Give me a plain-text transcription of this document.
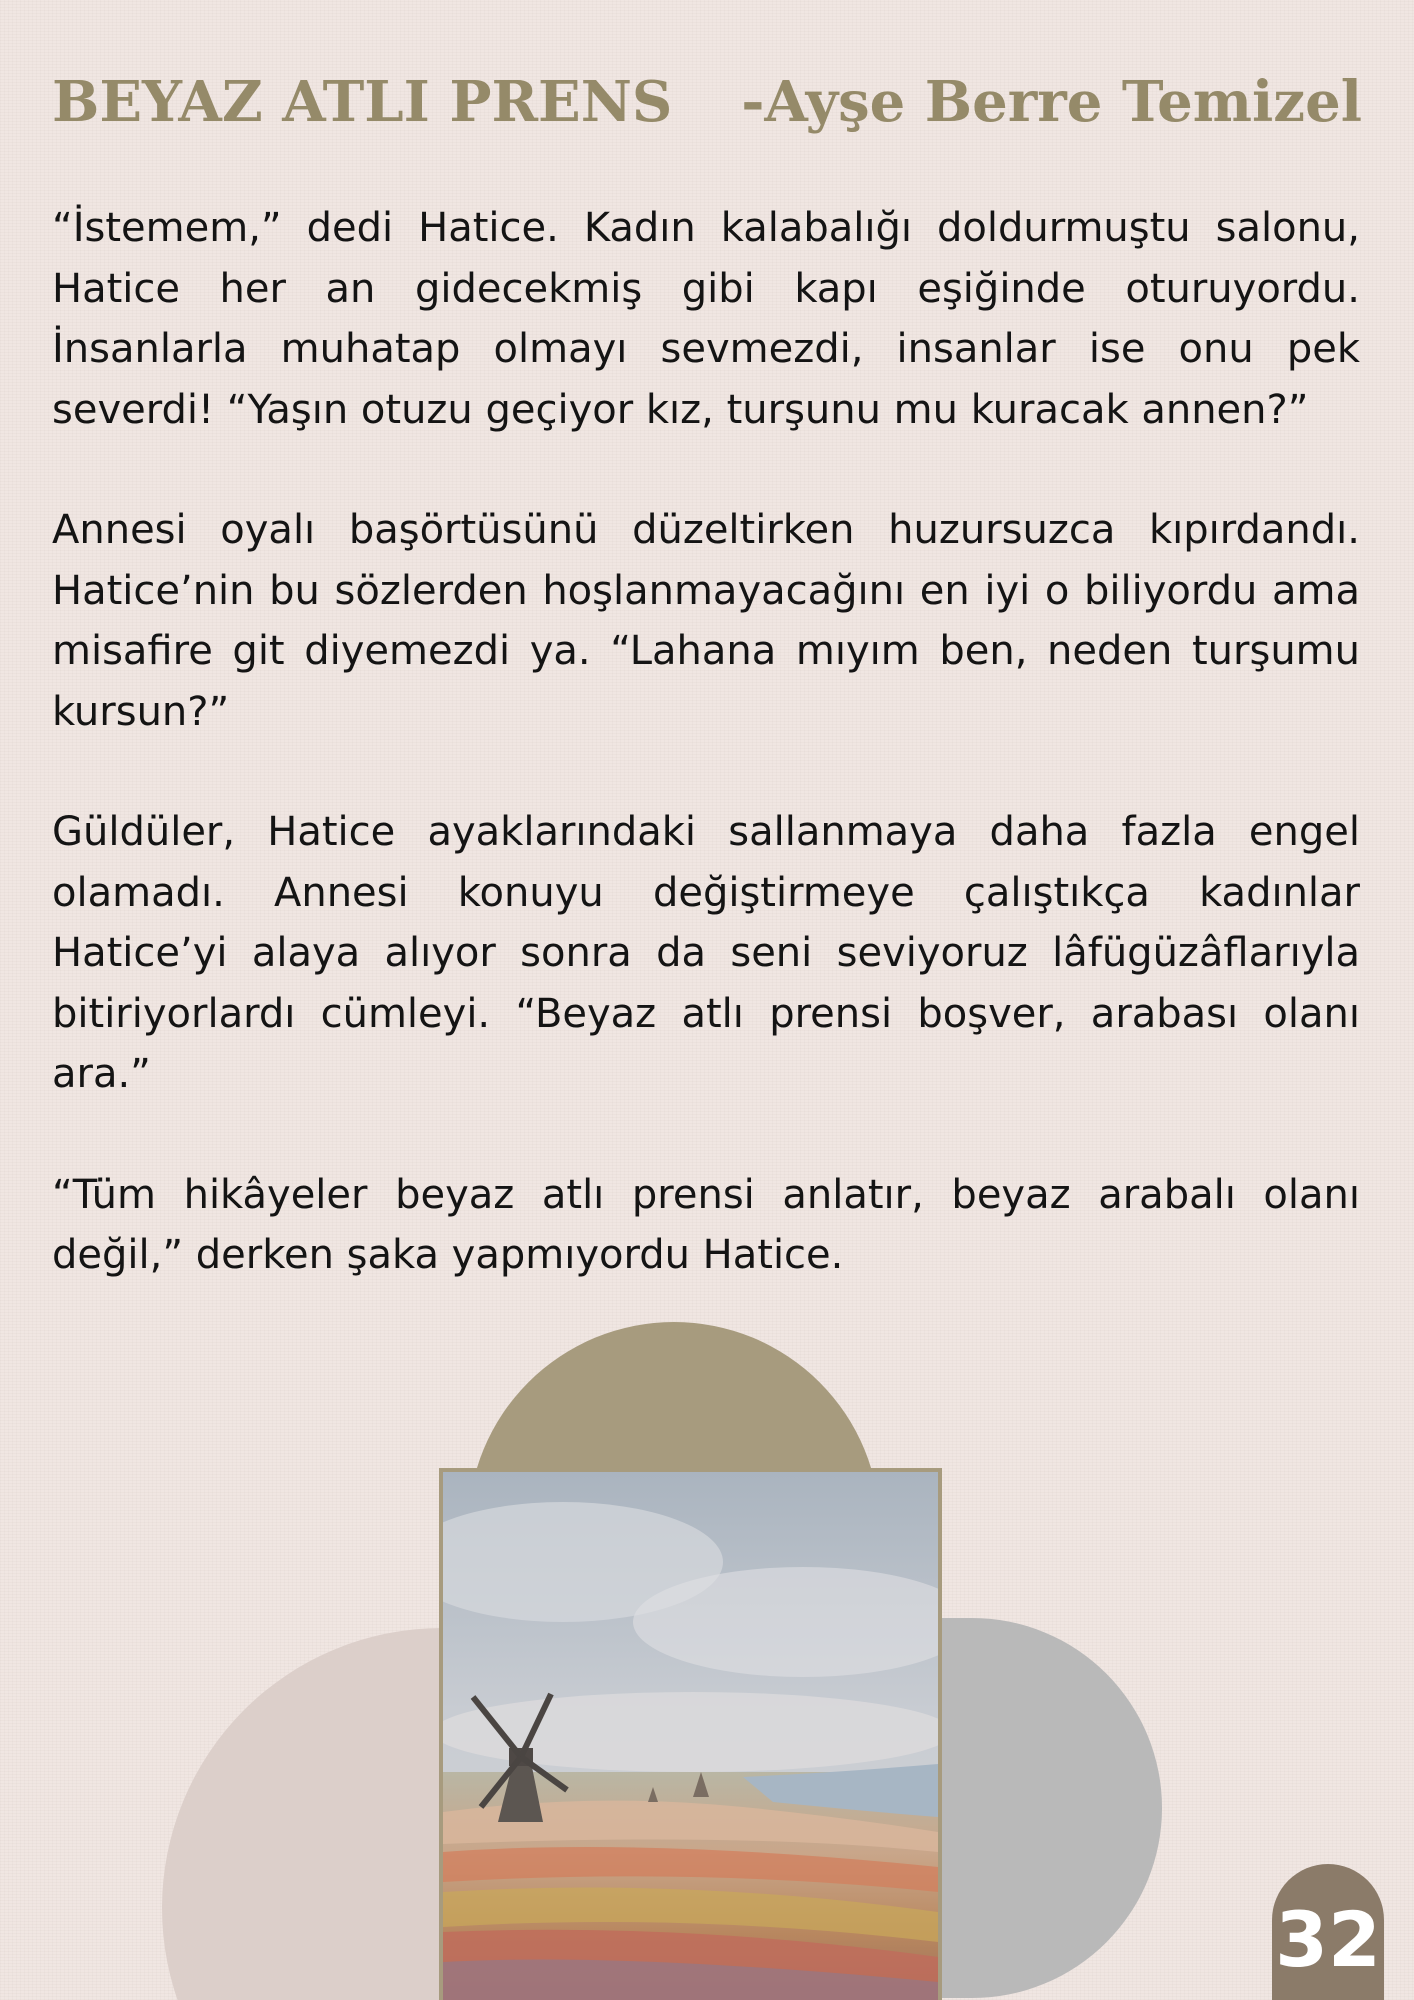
BEYAZ ATLI PRENS -Ayşe Berre Temizel

“İstemem,” dedi Hatice. Kadın kalabalığı doldurmuştu salonu, Hatice her an gidecekmiş gibi kapı eşiğinde oturuyordu. İnsanlarla muhatap olmayı sevmezdi, insanlar ise onu pek severdi! “Yaşın otuzu geçiyor kız, turşunu mu kuracak annen?”

Annesi oyalı başörtüsünü düzeltirken huzursuzca kıpırdandı. Hatice’nin bu sözlerden hoşlanmayacağını en iyi o biliyordu ama misafire git diyemezdi ya. “Lahana mıyım ben, neden turşumu kursun?”

Güldüler, Hatice ayaklarındaki sallanmaya daha fazla engel olamadı. Annesi konuyu değiştirmeye çalıştıkça kadınlar Hatice’yi alaya alıyor sonra da seni seviyoruz lâfügüzâflarıyla bitiriyorlardı cümleyi. “Beyaz atlı prensi boşver, arabası olanı ara.”

“Tüm hikâyeler beyaz atlı prensi anlatır, beyaz arabalı olanı değil,” derken şaka yapmıyordu Hatice.

32
